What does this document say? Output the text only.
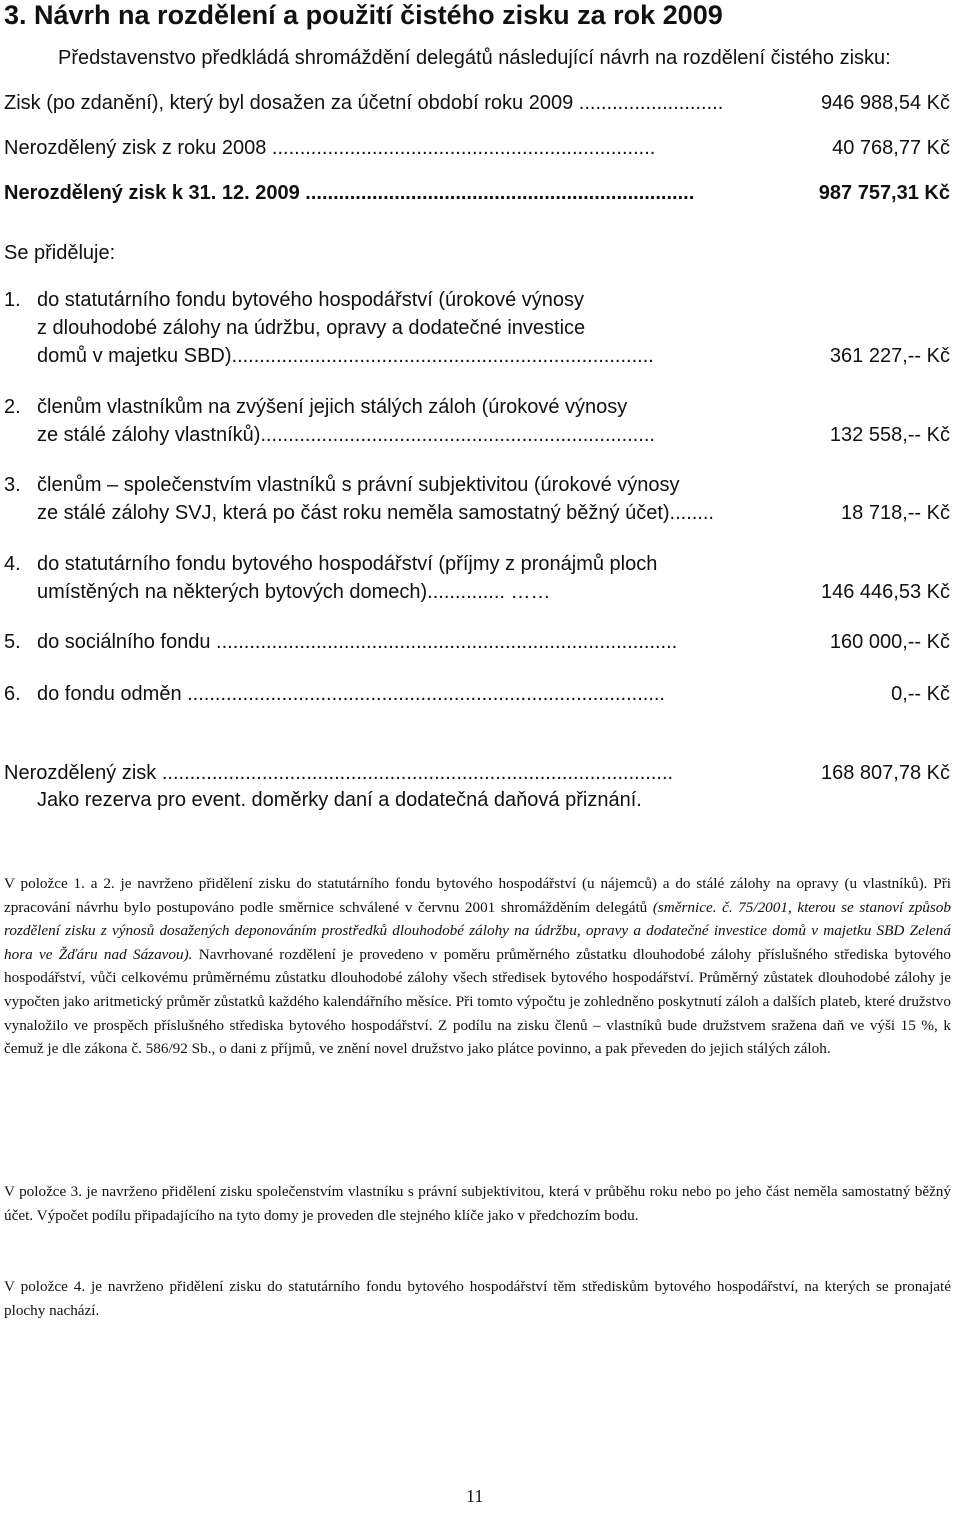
3. Návrh na rozdělení a použití čistého zisku za rok 2009
Představenstvo předkládá shromáždění delegátů následující návrh na rozdělení čistého zisku:
Zisk (po zdanění), který byl dosažen za účetní období roku 2009 ..........................	946 988,54 Kč
Nerozdělený zisk z roku 2008 .....................................................................	40 768,77 Kč
Nerozdělený zisk k 31. 12. 2009 ......................................................................	987 757,31 Kč
Se přiděluje:
1. do statutárního fondu bytového hospodářství (úrokové výnosy
z dlouhodobé zálohy na údržbu, opravy a dodatečné investice
domů v majetku SBD)............................................................................	361 227,-- Kč
2. členům vlastníkům na zvýšení jejich stálých záloh (úrokové výnosy
ze stálé zálohy vlastníků).......................................................................	132 558,-- Kč
3. členům – společenstvím vlastníků s právní subjektivitou (úrokové výnosy
ze stálé zálohy SVJ, která po část roku neměla samostatný běžný účet)........	18 718,-- Kč
4. do statutárního fondu bytového hospodářství (příjmy z pronájmů ploch
umístěných na některých bytových domech).............. ……	146 446,53 Kč
5. do sociálního fondu ...................................................................................	160 000,-- Kč
6. do fondu odměn ......................................................................................	0,-- Kč
Nerozdělený zisk ............................................................................................	168 807,78 Kč
Jako rezerva pro event. doměrky daní a dodatečná daňová přiznání.
V položce 1. a 2. je navrženo přidělení zisku do statutárního fondu bytového hospodářství (u nájemců) a do stálé zálohy na opravy (u vlastníků). Při zpracování návrhu bylo postupováno podle směrnice schválené v červnu 2001 shromážděním delegátů (směrnice. č. 75/2001, kterou se stanoví způsob rozdělení zisku z výnosů dosažených deponováním prostředků dlouhodobé zálohy na údržbu, opravy a dodatečné investice domů v majetku SBD Zelená hora ve Žďáru nad Sázavou). Navrhované rozdělení je provedeno v poměru průměrného zůstatku dlouhodobé zálohy příslušného střediska bytového hospodářství, vůči celkovému průměrnému zůstatku dlouhodobé zálohy všech středisek bytového hospodářství. Průměrný zůstatek dlouhodobé zálohy je vypočten jako aritmetický průměr zůstatků každého kalendářního měsíce. Při tomto výpočtu je zohledněno poskytnutí záloh a dalších plateb, které družstvo vynaložilo ve prospěch příslušného střediska bytového hospodářství. Z podílu na zisku členů – vlastníků bude družstvem sražena daň ve výši 15 %, k čemuž je dle zákona č. 586/92 Sb., o dani z příjmů, ve znění novel družstvo jako plátce povinno, a pak převeden do jejich stálých záloh.
V položce 3. je navrženo přidělení zisku společenstvím vlastníku s právní subjektivitou, která v průběhu roku nebo po jeho část neměla samostatný běžný účet. Výpočet podílu připadajícího na tyto domy je proveden dle stejného klíče jako v předchozím bodu.
V položce 4. je navrženo přidělení zisku do statutárního fondu bytového hospodářství těm střediskům bytového hospodářství, na kterých se pronajaté plochy nachází.
11
